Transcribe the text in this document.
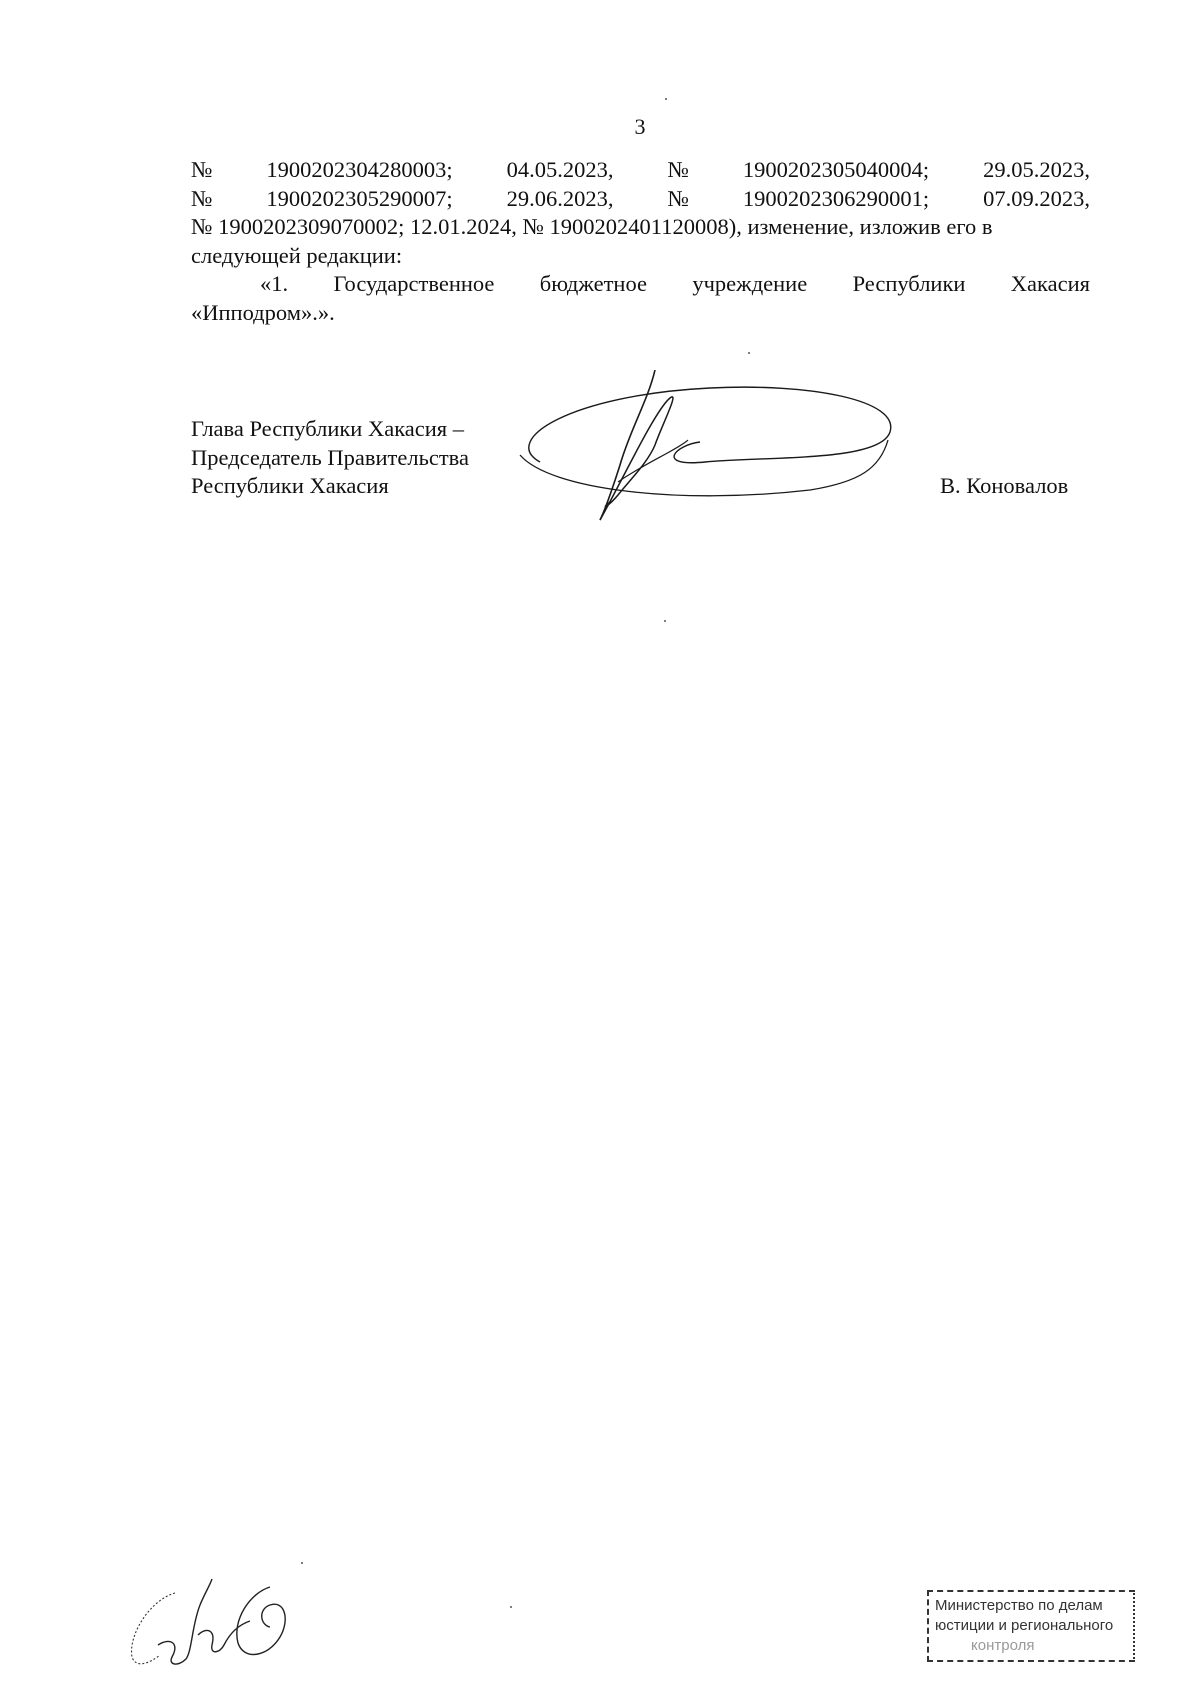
3
№ 1900202304280003; 04.05.2023, № 1900202305040004; 29.05.2023,
№ 1900202305290007; 29.06.2023, № 1900202306290001; 07.09.2023,
№ 1900202309070002; 12.01.2024, № 1900202401120008), изменение, изложив его в
следующей редакции:
«1. Государственное бюджетное учреждение Республики Хакасия
«Ипподром».».
Глава Республики Хакасия –
Председатель Правительства
Республики Хакасия	В. Коновалов
Министерство по делам
юстиции и регионального
контроля
